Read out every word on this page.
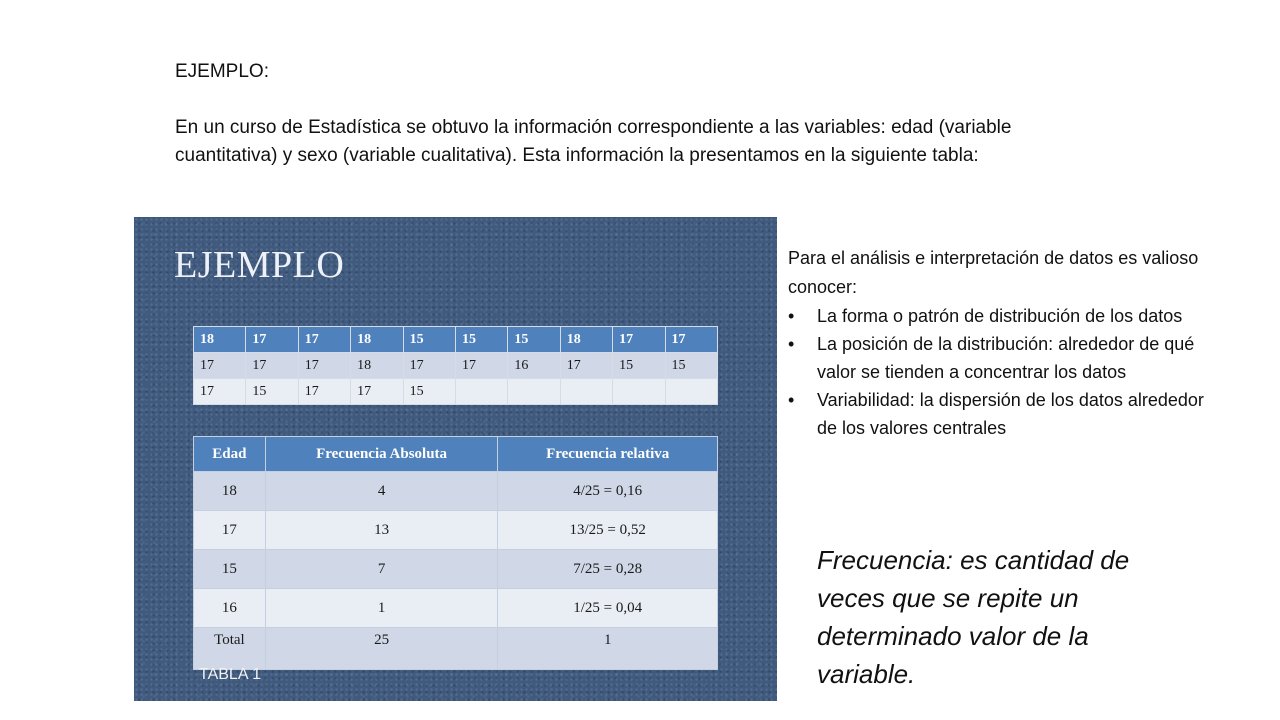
EJEMPLO:
En un curso de Estadística se obtuvo la información correspondiente a las variables: edad (variable cuantitativa) y sexo (variable cualitativa). Esta información la presentamos en la siguiente tabla:
EJEMPLO
18	17	17	18	15	15	15	18	17	17
17	17	17	18	17	17	16	17	15	15
17	15	17	17	15					
Edad	Frecuencia Absoluta	Frecuencia relativa
18	4	4/25 = 0,16
17	13	13/25 = 0,52
15	7	7/25 = 0,28
16	1	1/25 = 0,04
Total	25	1
TABLA 1
Para el análisis e interpretación de datos es valioso conocer:
• La forma o patrón de distribución de los datos
• La posición de la distribución: alrededor de qué valor se tienden a concentrar los datos
• Variabilidad: la dispersión de los datos alrededor de los valores centrales
Frecuencia: es cantidad de veces que se repite un determinado valor de la variable.
